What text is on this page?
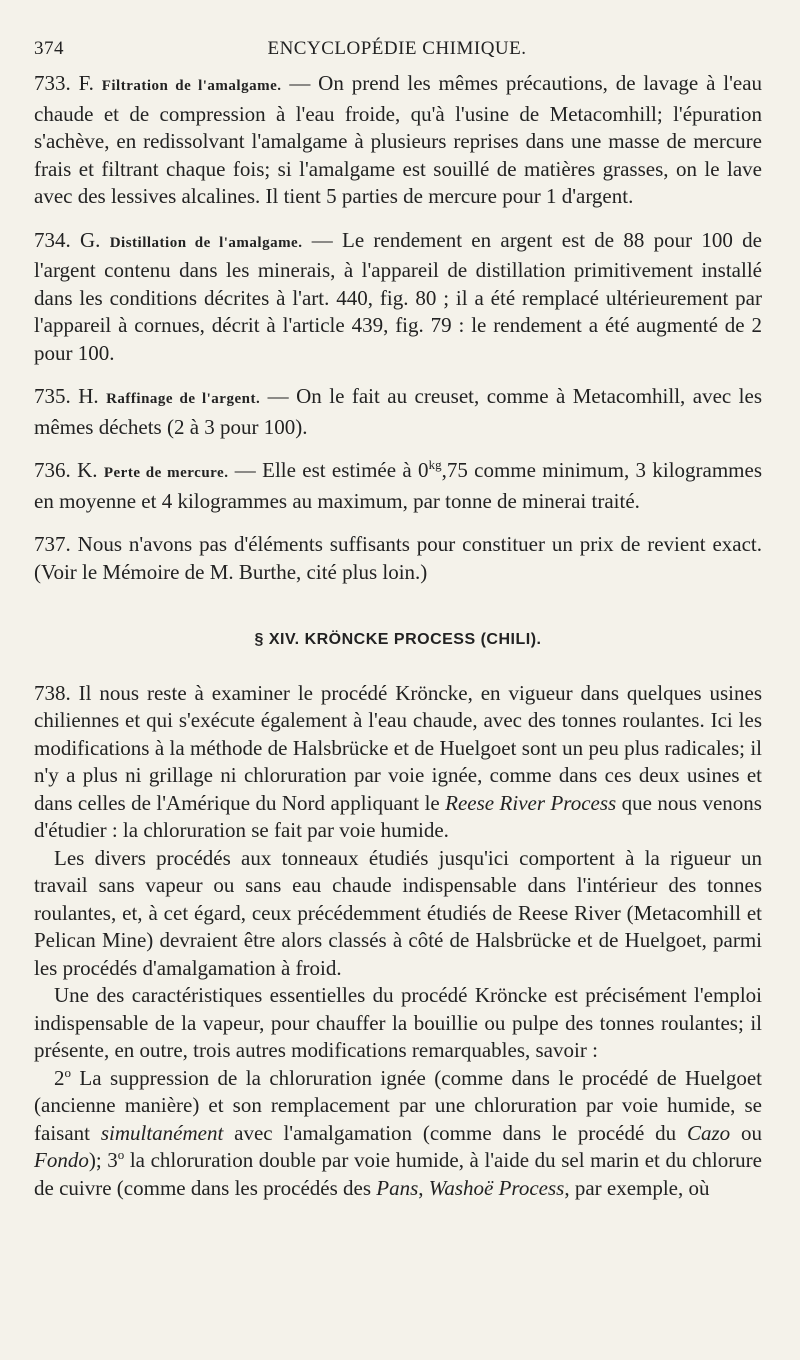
374	ENCYCLOPÉDIE CHIMIQUE.

733. F. Filtration de l'amalgame. — On prend les mêmes précautions, de lavage à l'eau chaude et de compression à l'eau froide, qu'à l'usine de Metacomhill; l'épuration s'achève, en redissolvant l'amalgame à plusieurs reprises dans une masse de mercure frais et filtrant chaque fois; si l'amalgame est souillé de matières grasses, on le lave avec des lessives alcalines. Il tient 5 parties de mercure pour 1 d'argent.

734. G. Distillation de l'amalgame. — Le rendement en argent est de 88 pour 100 de l'argent contenu dans les minerais, à l'appareil de distillation primitivement installé dans les conditions décrites à l'art. 440, fig. 80 ; il a été remplacé ultérieurement par l'appareil à cornues, décrit à l'article 439, fig. 79 : le rendement a été augmenté de 2 pour 100.

735. H. Raffinage de l'argent. — On le fait au creuset, comme à Metacomhill, avec les mêmes déchets (2 à 3 pour 100).

736. K. Perte de mercure. — Elle est estimée à $0^{kg},75$ comme minimum, 3 kilogrammes en moyenne et 4 kilogrammes au maximum, par tonne de minerai traité.

737. Nous n'avons pas d'éléments suffisants pour constituer un prix de revient exact. (Voir le Mémoire de M. Burthe, cité plus loin.)

§ XIV. KRÖNCKE PROCESS (CHILI).

738. Il nous reste à examiner le procédé Kröncke, en vigueur dans quelques usines chiliennes et qui s'exécute également à l'eau chaude, avec des tonnes roulantes. Ici les modifications à la méthode de Halsbrücke et de Huelgoet sont un peu plus radicales; il n'y a plus ni grillage ni chloruration par voie ignée, comme dans ces deux usines et dans celles de l'Amérique du Nord appliquant le Reese River Process que nous venons d'étudier : la chloruration se fait par voie humide.

Les divers procédés aux tonneaux étudiés jusqu'ici comportent à la rigueur un travail sans vapeur ou sans eau chaude indispensable dans l'intérieur des tonnes roulantes, et, à cet égard, ceux précédemment étudiés de Reese River (Metacomhill et Pelican Mine) devraient être alors classés à côté de Halsbrücke et de Huelgoet, parmi les procédés d'amalgamation à froid.

Une des caractéristiques essentielles du procédé Kröncke est précisément l'emploi indispensable de la vapeur, pour chauffer la bouillie ou pulpe des tonnes roulantes; il présente, en outre, trois autres modifications remarquables, savoir :

2$^o$ La suppression de la chloruration ignée (comme dans le procédé de Huelgoet (ancienne manière) et son remplacement par une chloruration par voie humide, se faisant simultanément avec l'amalgamation (comme dans le procédé du Cazo ou Fondo); 3$^o$ la chloruration double par voie humide, à l'aide du sel marin et du chlorure de cuivre (comme dans les procédés des Pans, Washoë Process, par exemple, où
